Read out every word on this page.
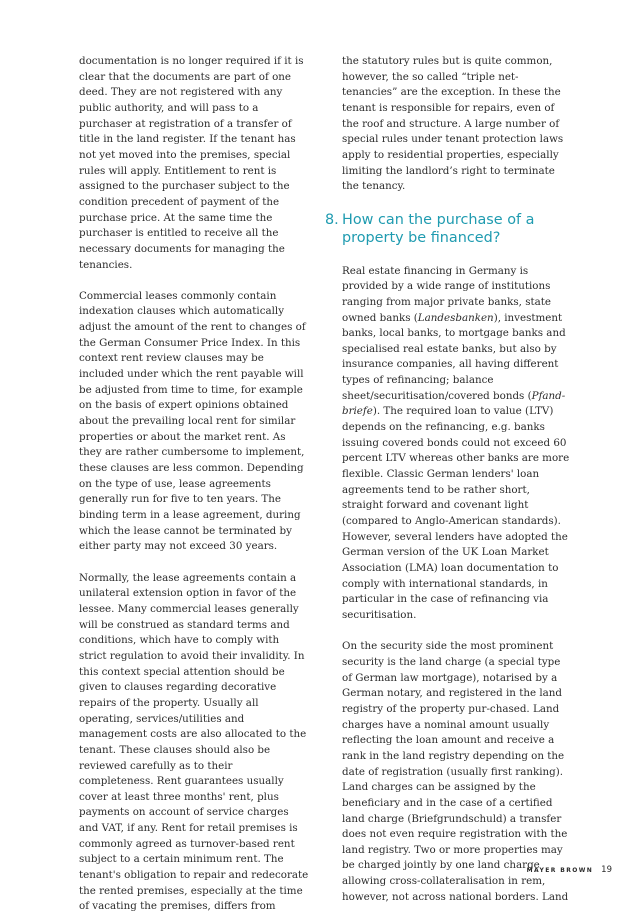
documentation is no longer required if it is clear that the documents are part of one deed. They are not registered with any public authority, and will pass to a purchaser at registration of a transfer of title in the land register. If the tenant has not yet moved into the premises, special rules will apply. Entitlement to rent is assigned to the purchaser subject to the condition precedent of payment of the purchase price. At the same time the purchaser is entitled to receive all the necessary documents for managing the tenancies.

Commercial leases commonly contain indexation clauses which automatically adjust the amount of the rent to changes of the German Consumer Price Index. In this context rent review clauses may be included under which the rent payable will be adjusted from time to time, for example on the basis of expert opinions obtained about the prevailing local rent for similar properties or about the market rent. As they are rather cumbersome to implement, these clauses are less common. Depending on the type of use, lease agreements generally run for five to ten years. The binding term in a lease agreement, during which the lease cannot be terminated by either party may not exceed 30 years.

Normally, the lease agreements contain a unilateral extension option in favor of the lessee. Many commercial leases generally will be construed as standard terms and conditions, which have to comply with strict regulation to avoid their invalidity. In this context special attention should be given to clauses regarding decorative repairs of the property. Usually all operating, services/utilities and management costs are also allocated to the tenant. These clauses should also be reviewed carefully as to their completeness. Rent guarantees usually cover at least three months' rent, plus payments on account of service charges and VAT, if any. Rent for retail premises is commonly agreed as turnover-based rent subject to a certain minimum rent. The tenant's obligation to repair and redecorate the rented premises, especially at the time of vacating the premises, differs from

the statutory rules but is quite common, however, the so called “triple net-tenancies” are the exception. In these the tenant is responsible for repairs, even of the roof and structure. A large number of special rules under tenant protection laws apply to residential properties, especially limiting the landlord’s right to terminate the tenancy.

8. How can the purchase of a property be financed?

Real estate financing in Germany is provided by a wide range of institutions ranging from major private banks, state owned banks (Landesbanken), investment banks, local banks, to mortgage banks and specialised real estate banks, but also by insurance companies, all having different types of refinancing; balance sheet/securitisation/covered bonds (Pfand-briefe). The required loan to value (LTV) depends on the refinancing, e.g. banks issuing covered bonds could not exceed 60 percent LTV whereas other banks are more flexible. Classic German lenders' loan agreements tend to be rather short, straight forward and covenant light (compared to Anglo-American standards). However, several lenders have adopted the German version of the UK Loan Market Association (LMA) loan documentation to comply with international standards, in particular in the case of refinancing via securitisation.

On the security side the most prominent security is the land charge (a special type of German law mortgage), notarised by a German notary, and registered in the land registry of the property pur-chased. Land charges have a nominal amount usually reflecting the loan amount and receive a rank in the land registry depending on the date of registration (usually first ranking). Land charges can be assigned by the beneficiary and in the case of a certified land charge (Briefgrundschuld) a transfer does not even require registration with the land registry. Two or more properties may be charged jointly by one land charge allowing cross-collateralisation in rem, however, not across national borders. Land

MAYER BROWN 19
